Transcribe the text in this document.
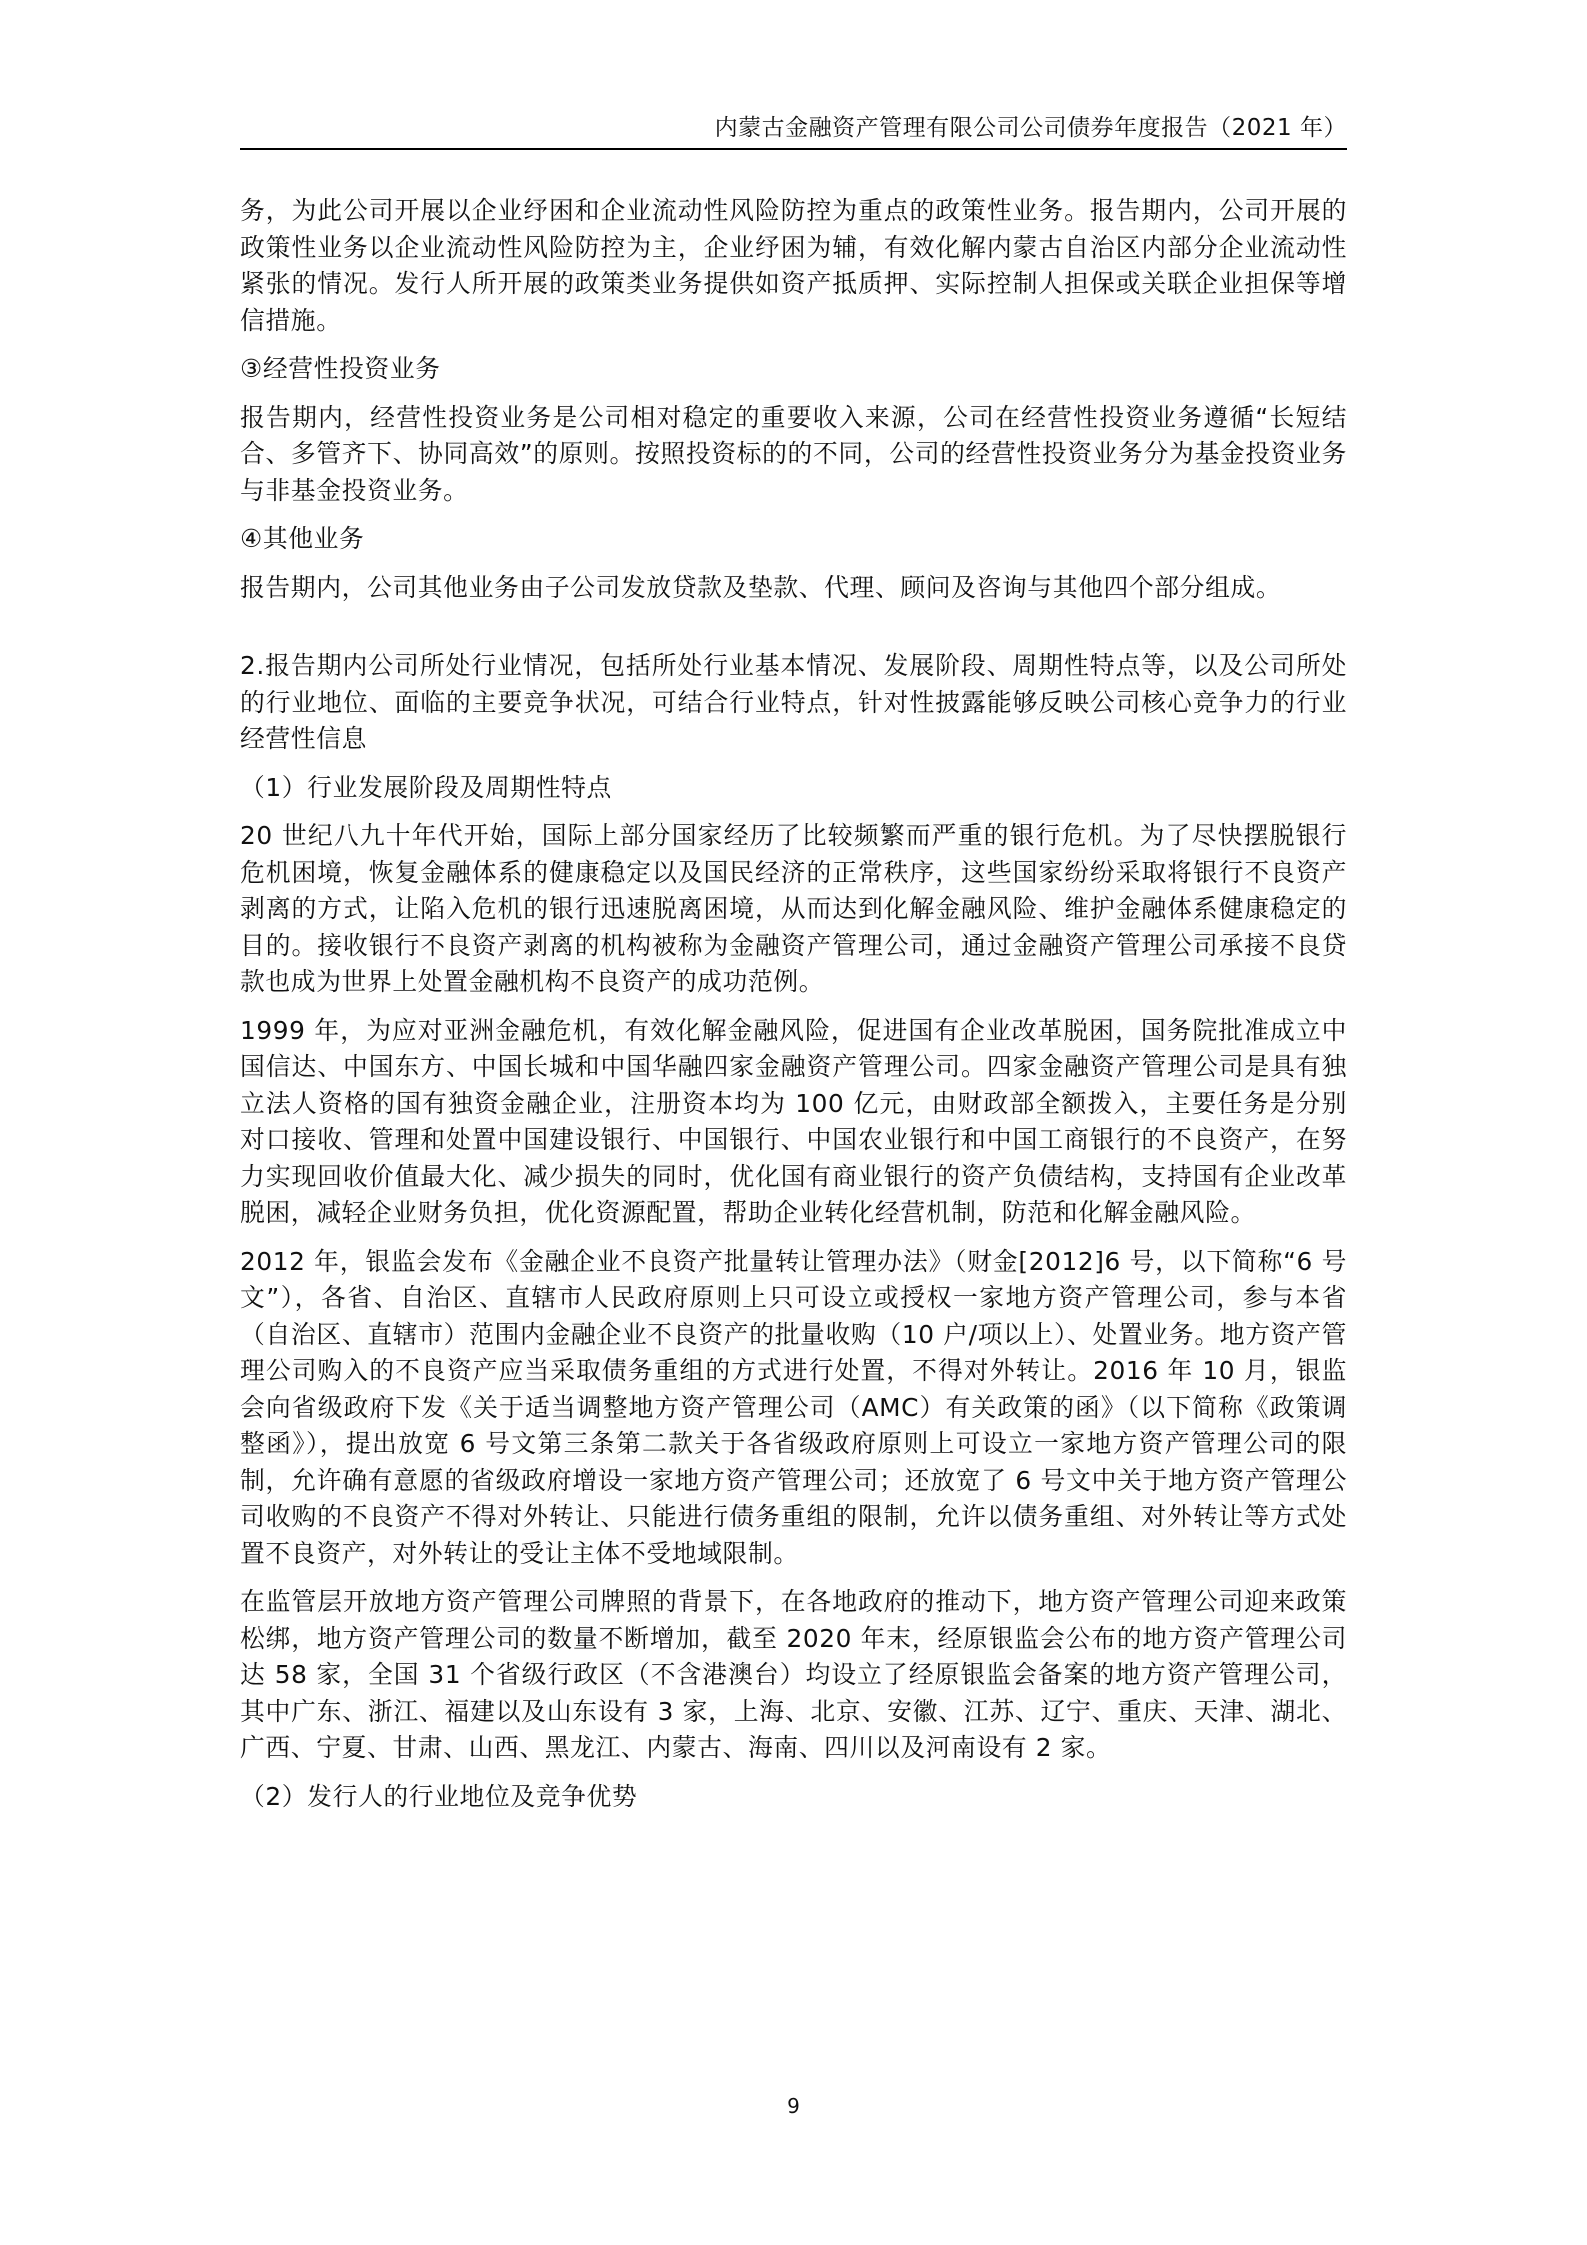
内蒙古金融资产管理有限公司公司债券年度报告（2021 年）

务，为此公司开展以企业纾困和企业流动性风险防控为重点的政策性业务。报告期内，公司开展的政策性业务以企业流动性风险防控为主，企业纾困为辅，有效化解内蒙古自治区内部分企业流动性紧张的情况。发行人所开展的政策类业务提供如资产抵质押、实际控制人担保或关联企业担保等增信措施。

③经营性投资业务

报告期内，经营性投资业务是公司相对稳定的重要收入来源，公司在经营性投资业务遵循“长短结合、多管齐下、协同高效”的原则。按照投资标的的不同，公司的经营性投资业务分为基金投资业务与非基金投资业务。

④其他业务

报告期内，公司其他业务由子公司发放贷款及垫款、代理、顾问及咨询与其他四个部分组成。

2.报告期内公司所处行业情况，包括所处行业基本情况、发展阶段、周期性特点等，以及公司所处的行业地位、面临的主要竞争状况，可结合行业特点，针对性披露能够反映公司核心竞争力的行业经营性信息

（1）行业发展阶段及周期性特点

20 世纪八九十年代开始，国际上部分国家经历了比较频繁而严重的银行危机。为了尽快摆脱银行危机困境，恢复金融体系的健康稳定以及国民经济的正常秩序，这些国家纷纷采取将银行不良资产剥离的方式，让陷入危机的银行迅速脱离困境，从而达到化解金融风险、维护金融体系健康稳定的目的。接收银行不良资产剥离的机构被称为金融资产管理公司，通过金融资产管理公司承接不良贷款也成为世界上处置金融机构不良资产的成功范例。

1999 年，为应对亚洲金融危机，有效化解金融风险，促进国有企业改革脱困，国务院批准成立中国信达、中国东方、中国长城和中国华融四家金融资产管理公司。四家金融资产管理公司是具有独立法人资格的国有独资金融企业，注册资本均为 100 亿元，由财政部全额拨入，主要任务是分别对口接收、管理和处置中国建设银行、中国银行、中国农业银行和中国工商银行的不良资产，在努力实现回收价值最大化、减少损失的同时，优化国有商业银行的资产负债结构，支持国有企业改革脱困，减轻企业财务负担，优化资源配置，帮助企业转化经营机制，防范和化解金融风险。

2012 年，银监会发布《金融企业不良资产批量转让管理办法》（财金[2012]6 号，以下简称“6 号文”），各省、自治区、直辖市人民政府原则上只可设立或授权一家地方资产管理公司，参与本省（自治区、直辖市）范围内金融企业不良资产的批量收购（10 户/项以上）、处置业务。地方资产管理公司购入的不良资产应当采取债务重组的方式进行处置，不得对外转让。2016 年 10 月，银监会向省级政府下发《关于适当调整地方资产管理公司（AMC）有关政策的函》（以下简称《政策调整函》），提出放宽 6 号文第三条第二款关于各省级政府原则上可设立一家地方资产管理公司的限制，允许确有意愿的省级政府增设一家地方资产管理公司；还放宽了 6 号文中关于地方资产管理公司收购的不良资产不得对外转让、只能进行债务重组的限制，允许以债务重组、对外转让等方式处置不良资产，对外转让的受让主体不受地域限制。

在监管层开放地方资产管理公司牌照的背景下，在各地政府的推动下，地方资产管理公司迎来政策松绑，地方资产管理公司的数量不断增加，截至 2020 年末，经原银监会公布的地方资产管理公司达 58 家，全国 31 个省级行政区（不含港澳台）均设立了经原银监会备案的地方资产管理公司，其中广东、浙江、福建以及山东设有 3 家，上海、北京、安徽、江苏、辽宁、重庆、天津、湖北、广西、宁夏、甘肃、山西、黑龙江、内蒙古、海南、四川以及河南设有 2 家。

（2）发行人的行业地位及竞争优势

9
